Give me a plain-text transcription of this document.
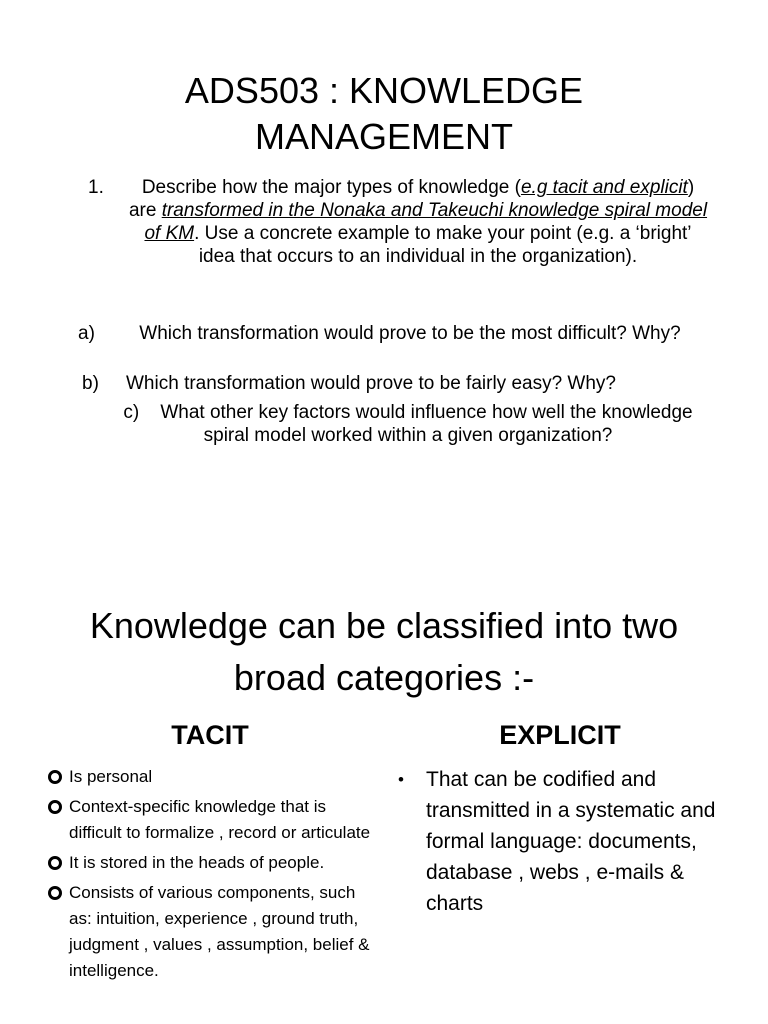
ADS503 : KNOWLEDGE
MANAGEMENT
1.	Describe how the major types of knowledge (e.g tacit and explicit) are transformed in the Nonaka and Takeuchi knowledge spiral model of KM. Use a concrete example to make your point (e.g. a ‘bright’ idea that occurs to an individual in the organization).
a)	Which transformation would prove to be the most difficult? Why?
b) Which transformation would prove to be fairly easy? Why?
c) What other key factors would influence how well the knowledge spiral model worked within a given organization?
Knowledge can be classified into two
broad categories :-
TACIT	EXPLICIT
Is personal
Context-specific knowledge that is difficult to formalize , record or articulate
It is stored in the heads of people.
Consists of various components, such as: intuition, experience , ground truth, judgment , values , assumption, belief & intelligence.
• That can be codified and transmitted in a systematic and formal language: documents, database , webs , e-mails & charts
